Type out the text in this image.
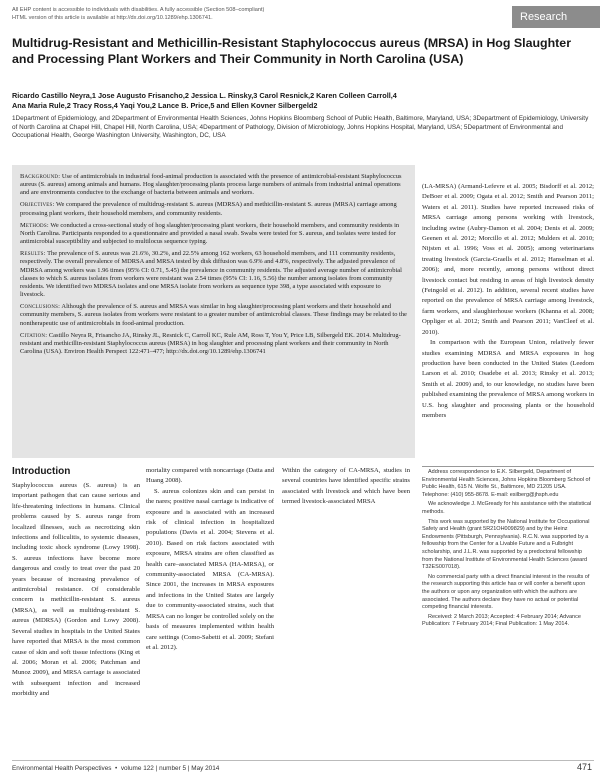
All EHP content is accessible to individuals with disabilities. A fully accessible (Section 508–compliant)
HTML version of this article is available at http://dx.doi.org/10.1289/ehp.1306741.	Research
Multidrug-Resistant and Methicillin-Resistant Staphylococcus aureus (MRSA) in Hog Slaughter and Processing Plant Workers and Their Community in North Carolina (USA)
Ricardo Castillo Neyra,1 Jose Augusto Frisancho,2 Jessica L. Rinsky,3 Carol Resnick,2 Karen Colleen Carroll,4
Ana Maria Rule,2 Tracy Ross,4 Yaqi You,2 Lance B. Price,5 and Ellen Kovner Silbergeld2
1Department of Epidemiology, and 2Department of Environmental Health Sciences, Johns Hopkins Bloomberg School of Public Health, Baltimore, Maryland, USA; 3Department of Epidemiology, University of North Carolina at Chapel Hill, Chapel Hill, North Carolina, USA; 4Department of Pathology, Division of Microbiology, Johns Hopkins Hospital, Maryland, USA; 5Department of Environmental and Occupational Health, George Washington University, Washington, DC, USA

Background: Use of antimicrobials in industrial food-animal production is associated with the presence of antimicrobial-resistant Staphylococcus aureus (S. aureus) among animals and humans. Hog slaughter/processing plants process large numbers of animals from industrial animal operations and are environments conducive to the exchange of bacteria between animals and workers.

Objectives: We compared the prevalence of multidrug-resistant S. aureus (MDRSA) and methicillin-resistant S. aureus (MRSA) carriage among processing plant workers, their household members, and community residents.

Methods: We conducted a cross-sectional study of hog slaughter/processing plant workers, their household members, and community residents in North Carolina. Participants responded to a questionnaire and provided a nasal swab. Swabs were tested for S. aureus, and isolates were tested for antimicrobial susceptibility and subjected to multilocus sequence typing.

Results: The prevalence of S. aureus was 21.6%, 30.2%, and 22.5% among 162 workers, 63 household members, and 111 community residents, respectively. The overall prevalence of MDRSA and MRSA tested by disk diffusion was 6.9% and 4.8%, respectively. The adjusted prevalence of MDRSA among workers was 1.96 times (95% CI: 0.71, 5.45) the prevalence in community residents. The adjusted average number of antimicrobial classes to which S. aureus isolates from workers were resistant was 2.54 times (95% CI: 1.16, 5.56) the number among isolates from community residents. We identified two MDRSA isolates and one MRSA isolate from workers as sequence type 398, a type associated with exposure to livestock.

Conclusions: Although the prevalence of S. aureus and MRSA was similar in hog slaughter/processing plant workers and their household and community members, S. aureus isolates from workers were resistant to a greater number of antimicrobial classes. These findings may be related to the nontherapeutic use of antimicrobials in food-animal production.

Citation: Castillo Neyra R, Frisancho JA, Rinsky JL, Resnick C, Carroll KC, Rule AM, Ross T, You Y, Price LB, Silbergeld EK. 2014. Multidrug-resistant and methicillin-resistant Staphylococcus aureus (MRSA) in hog slaughter and processing plant workers and their community in North Carolina (USA). Environ Health Perspect 122:471–477; http://dx.doi.org/10.1289/ehp.1306741

(LA-MRSA) (Armand-Lefevre et al. 2005; Bisdorff et al. 2012; DeBoer et al. 2009; Ogata et al. 2012; Smith and Pearson 2011; Waters et al. 2011). Studies have reported increased risks of MRSA carriage among persons working with livestock, including swine (Aubry-Damon et al. 2004; Denis et al. 2009; Geenen et al. 2012; Morcillo et al. 2012; Mulders et al. 2010; Nijsten et al. 1996; Voss et al. 2005); among veterinarians treating livestock (Garcia-Graells et al. 2012; Hanselman et al. 2006); and, more recently, among persons without direct livestock contact but residing in areas of high livestock density (Feingold et al. 2012). In addition, several recent studies have reported on the prevalence of MRSA carriage among livestock, farm workers, and slaughterhouse workers (Khanna et al. 2008; Oppliger et al. 2012; Smith and Pearson 2011; VanCleef et al. 2010).

In comparison with the European Union, relatively fewer studies examining MDRSA and MRSA exposures in hog production have been conducted in the United States (Leedom Larson et al. 2010; Osadebe et al. 2013; Rinsky et al. 2013; Smith et al. 2009) and, to our knowledge, no studies have been published examining the prevalence of MRSA among workers in U.S. hog slaughter and processing plants or the household members

Introduction
Staphylococcus aureus (S. aureus) is an important pathogen that can cause serious and life-threatening infections in humans. Clinical problems caused by S. aureus range from localized illnesses, such as necrotizing skin infections and folliculitis, to systemic diseases, including toxic shock syndrome (Lowy 1998). S. aureus infections have become more dangerous and costly to treat over the past 20 years because of increasing prevalence of antimicrobial resistance. Of considerable concern is methicillin-resistant S. aureus (MRSA), as well as multidrug-resistant S. aureus (MDRSA) (Gordon and Lowy 2008). Several studies in hospitals in the United States have reported that MRSA is the most common cause of skin and soft tissue infections (King et al. 2006; Moran et al. 2006; Patchman and Munoz 2009), and MRSA carriage is associated with subsequent infection and increased morbidity and

mortality compared with noncarriage (Datta and Huang 2008).

S. aureus colonizes skin and can persist in the nares; positive nasal carriage is indicative of exposure and is associated with an increased risk of clinical infection in hospitalized populations (Davis et al. 2004; Stevens et al. 2010). Based on risk factors associated with exposure, MRSA strains are often classified as health care–associated MRSA (HA-MRSA), or community-associated MRSA (CA-MRSA). Since 2001, the increases in MRSA exposures and infections in the United States are largely due to community-associated strains, such that MRSA can no longer be controlled solely on the basis of measures implemented within health care settings (Como-Sabetti et al. 2009; Stefani et al. 2012).

Within the category of CA-MRSA, studies in several countries have identified specific strains associated with livestock and which have been termed livestock-associated MRSA

Address correspondence to E.K. Silbergeld, Department of Environmental Health Sciences, Johns Hopkins Bloomberg School of Public Health, 615 N. Wolfe St., Baltimore, MD 21205 USA. Telephone: (410) 955-8678. E-mail: esilberg@jhsph.edu

We acknowledge J. McGready for his assistance with the statistical methods.

This work was supported by the National Institute for Occupational Safety and Health (grant 5R21OH009829) and by the Heinz Endowments (Pittsburgh, Pennsylvania). R.C.N. was supported by a fellowship from the Center for a Livable Future and a Fulbright scholarship, and J.L.R. was supported by a predoctoral fellowship from the National Institute of Environmental Health Sciences (award T32ES007018).

No commercial party with a direct financial interest in the results of the research supporting this article has or will confer a benefit upon the authors or upon any organization with which the authors are associated. The authors declare they have no actual or potential competing financial interests.

Received: 2 March 2013; Accepted: 4 February 2014; Advance Publication: 7 February 2014; Final Publication: 1 May 2014.

Environmental Health Perspectives  •  volume 122 | number 5 | May 2014	471
